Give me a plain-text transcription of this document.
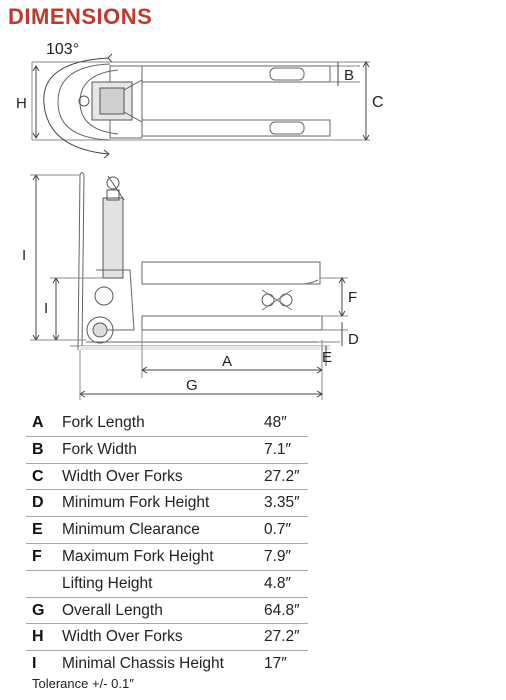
DIMENSIONS
103°
B
C
H
I
I
F
D
E
A
G
A Fork Length	48″
B Fork Width	7.1″
C Width Over Forks	27.2″
D Minimum Fork Height	3.35″
E Minimum Clearance	0.7″
F Maximum Fork Height	7.9″
Lifting Height	4.8″
G Overall Length	64.8″
H Width Over Forks	27.2″
I Minimal Chassis Height	17″
Tolerance +/- 0.1″
